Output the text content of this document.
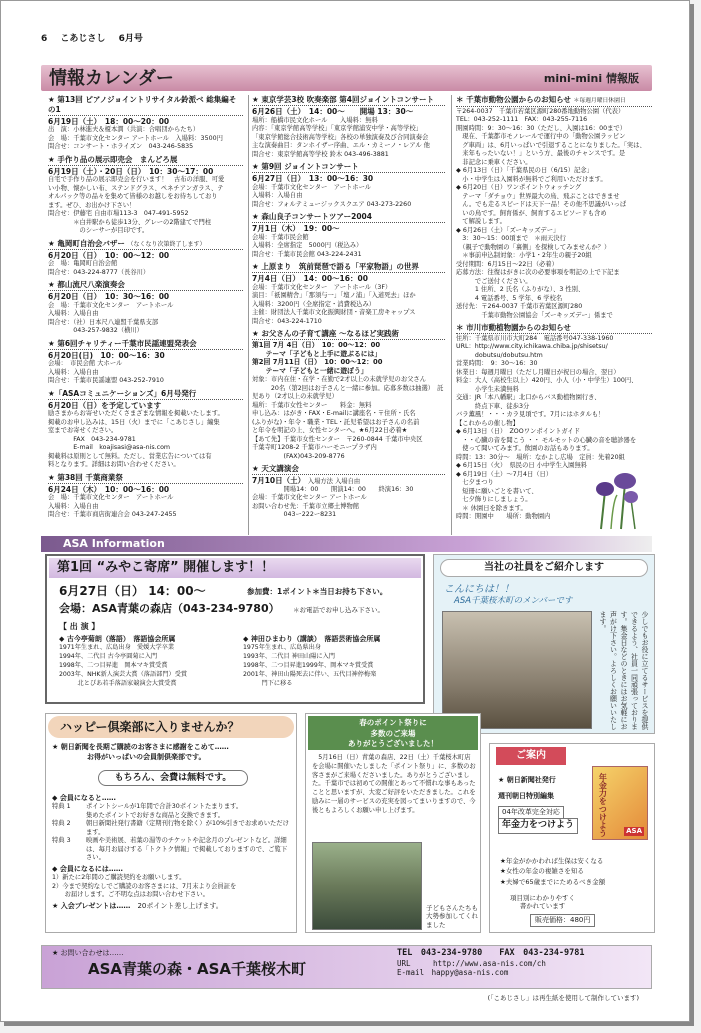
6 こあじさし 6月号
情報カレンダー	mini-mini 情報版
★ 第13回 ピアノジョイントリサイタル鈴派ベ 総集編その1
6月19日（土）　18：00〜20：00
出　演：小林進夫＆榎本潤（共演：合唱団からたち）
会　場：千葉市文化センター アートホール　入場料：3500円
問合せ：コンサート・ホライズン　043-246-5835
★ 手作り品の展示即売会　まんどろ展
6月19日（土）・20日（日）　10：30〜17：00
自宅で手作り品の展示即売会を行います！　古布の洋服、可愛
い小物、懐かしい布、ステンドグラス、ペネチアンガラス、テ
オルパック等の品々を集めて皆様のお越しをお待ちしており
ます。ぜひ、お出かけ下さい！
問合せ：伊藤宅 自由市場113-3　047-491-5952
　　　　＊白井駅から徒歩13分、グレーの2階建てで門柱
　　　　　のシーサーが目印です。
★ 亀岡町自治会バザー （なくなり次第終了します）
6月20日（日）　10：00〜12：00
会　場：亀岡町自治会館
問合せ：043-224-8777（長谷川）
★ 都山流尺八楽演奏会
6月20日（日）　10：30〜16：00
会　場：千葉市文化センター　アートホール
入場料：入場自由
問合せ：（社）日本尺八連盟千葉県支部
　　　　043-257-9832（横川）
★ 第6回チャリティー千葉市民謡連盟発表会
6月20日(日)　10：00〜16：30
会場：　市民会館 大ホール
入場料：入場自由
問合せ：千葉市民謡連盟 043-252-7910
★「ASAコミュニケーションズ」6月号発行
6月20日（日）を予定しています
励さまからお寄せいただくさまざまな情報を掲載いたします。
掲載のお申し込みは、15日（火）までに「こあじさし」編集
室までお寄せください。
　　　　FAX　043-234-9781
　　　　E-mail　koajisasi@asa-nis.com
掲載料は原則として無料。ただし、営業広告については有
料となります。詳細はお問い合わせください。
★ 第38回 千葉商業祭
6月24日（木）　10：00〜16：00
会　場：千葉市文化センター　アートホール
入場料：入場自由
問合せ：千葉市商店街連合会 043-247-2455
★ 東京学芸3校 吹奏楽部 第4回ジョイントコンサート
6月26日（土）　14：00〜　　開場 13：30〜
場所：船橋市民文化ホール　　入場料：無料
内容：「東京学館高等学校」「東京学館浦安中学・高等学校」
「東京学館総合技術高等学校」各校の単独演奏及び合同演奏会
主な演奏曲目：タンホイザー序曲、エル・カミーノ・レアル 他
問合せ：東京学館高等学校 鈴木 043-496-3881
★ 第9回 ジョイントコンサート
6月27日（日）　13：00〜16：30
会場：千葉市文化センター　アートホール
入場料：入場自由
問合せ：フォルテミュージックスクエア 043-273-2260
★ 森山良子コンサートツアー2004
7月1日（木）　19：00〜
会場：千葉市民会館
入場料：全席指定　5000円（税込み）
問合せ：千葉市民会館 043-224-2431
★ 上原まり　筑前琵琶で語る「平家物語」の世界
7月4日（日）　14：00〜16：00
会場：千葉市文化センター　アートホール（3F）
演目：「祇園精舎」「那須与一」「壇ノ浦」「入道死去」ほか
入場料：3200円（全席指定・消費税込み）
主催：財団法人千葉市文化振興財団・音楽工房キャップス
問合せ：043-224-1710
★ お父さんの子育て講座 〜なるほど実践術
第1回 7月 4日（日）　10：00〜12：00
　　テーマ「子どもと上手に遊ぶるには」
第2回 7月11日（日）　10：00〜12：00
　　テーマ「子どもと一緒に遊ぼう」
対象：市内在住・在学・在勤で2才以上の未就学児のお父さん
　　　20名（第2回はお子さんと一緒に参加。応募多数は抽選）　託児あり（2才以上の未就学児）
場所：千葉市女性センター　　料金：無料
申し込み：はがき・FAX・E-mailに講座名・〒住所・氏名
(ふりがな)・年令・職業・TEL・託児希望はお子さんの名前
と年令を明記の上、女性センターへ。★6月22日必着★
【あて先】千葉市女性センター　〒260-0844 千葉市中央区
千葉寺町1208-2 千葉市ハーモニープラザ内
　　　　　(FAX)043-209-8776
★ 天文講演会
7月10日（土） 入場方法 入場自由
　　　　　開場14：00　　開演14：00　　終演16：30
会場：千葉市文化センター アートホール
お問い合わせ先：千葉市立郷土博物館
　　　　　043ー222ー8231
＊ 千葉市動物公園からのお知らせ ＊毎週月曜日休園日
〒264-0037　千葉市若葉区源町280番地動物公園（代表）
TEL：043-252-1111　FAX：043-255-7116
開園時間：9：30〜16：30（ただし、入園は16：00まで）
　現在、千葉都市モノレールで運行中の「動物公園ラッピン
　グ車両」は、6月いっぱいで引退することになりました。「実は、
　来年もったいない！」という方、最後のチャンスです。是
　非記念に乗車ください。
◆ 6月13日（日）「千葉県民の日（6/15）記念」
　小・中学生は入園料が無料でご利用いただけます。
◆ 6月20日（日）ワンポイントウォッチング
　テーマ「ダチョウ」世界最大の鳥、飛ぶことはできませ
　ん。でも走るスピードは天下一品！その他不思議がいっぱ
　いの鳥です。飼育係が、飼育するエピソードも含め
　て解説します。
◆ 6月26日（土）「ズーキッズデー」
　3：30〜15：00頃まで　＊雨天決行
　（親子で動物園の「裏側」を探検してみませんか？）
　＊事前申込制対象：小学1・2年生の親子20組
受付期間：6月15日〜22日（必着）
応募方法：往復はがきに次の必要事項を明記の上で下記ま
　　　でご送付ください。
　　　1 住所、2 氏名（ふりがな）、3 性別、
　　　4 電話番号、5 学年、6 学校名
送付先：〒264-0037 千葉市若葉区源町280
　　　　千葉市動物公園協会「ズーキッズデー」係まで
＊ 市川市動植物園からのお知らせ
住所：千葉県市川市大町284　電話番号047-338-1960
URL：http://www.city.ichikawa.chiba.jp/shisetsu/
　　　dobutsu/dobutsu.htm
営業時間：　9：30〜16：30
休業日：毎週月曜日（ただし月曜日が祝日の場合、翌日）
料金：大人（高校生以上）420円、小人（小・中学生）100円、
　　　小学生未満無料
交通：JR「本八幡駅」北口からバス動植物園行き、
　　　終点下車、徒歩3分
バラ薫風！・・・カラ見頃です。7月にはホタルも！
【これからの催し物】
◆ 6月13日（日）　ZOOワンポイントガイド
　・・心臓の音を聞こう ・・ モルモットの心臓の音を聴診器を
　使って聞いてみます。飲園のお話もあります。
時間：13：30分〜　場所：なかよし広場　定員：先着20組
◆ 6月15日（火）　県民の日 小中学生入園無料
◆ 6月19日（土）〜7月4日（日）
　七夕まつり
　短冊に願いごとを書いて、
　七夕飾りにしましょう。
　＊ 休園日を除きます。
時間：開園中　　場所：動物園内
ASA Information
第1回 “みやこ寄席” 開催します！！
6月27日（日） 14：00〜	参加費：1ポイント＊当日お持ち下さい。
会場：ASA青葉の森店（043-234-9780） ＊お電話でお申し込み下さい。
【 出 演 】
◆ 古今亭菊朗（落語）　落語協会所属
1971年生まれ、広島出身　愛媛大学卒業
1994年、二代目 古今亭圓菊に入門
1998年、二つ目昇進　岡本マキ賞受賞
2003年、NHK新人演芸大賞（落語部門）受賞
　　　北とぴあ若手落語家競演会大賞受賞
◆ 神田ひまわり（講談）　落語芸術協会所属
1975年生まれ、広島県出身
1993年、二代目 神田山陽に入門
1998年、二つ目昇進1999年、岡本マキ賞受賞
2001年、神田山陽死去に伴い、五代目神停梅楽
　　　門下に移る
当社の社員をご紹介します
こんにちは！！
ASA千葉桜木町のメンバーです
少しでもお役に立てるサービスを提供できるよう、社員一同頑張っております。集金日などのときにはお気軽にお声がけ下さい。よろしくお願いいたします。
ハッピー倶楽部に入りませんか？
★ 朝日新聞を長期ご購読のお客さまに感謝をこめて……
　　　　　お得がいっぱいの会員制倶楽部です。
もちろん、会費は無料です。
◆ 会員になると……
特典 1	ポイントシールが1年間で合計30ポイントたまります。
集めたポイントでお好きな商品と交換できます。
特典 2	朝日新聞社発行書籍（定期刊行物を除く）が10%引きでお求めいただけます。
特典 3	映画や美術展、若葉の湯等のチケットや記念月のプレゼントなど。詳細は、毎月お届けする「トクトク情報」で掲載しておりますので、ご覧下さい。
◆ 会員になるには……
1）新たに2年間のご購読契約をお願いします。
2）今まで契約なしでご購読のお客さまには、7月末より会員証を
　　お届けします。ご不明な点はお問い合わせ下さい。
★ 入会プレゼントは……　 20ポイント差し上げます。
春のポイント祭りに
多数のご来場
ありがとうございました！
　5月16日（日）青葉の森店、22日（土）千葉桜木町店を会場に開催いたしました「ポイント祭り」に、多数のお客さまがご来場くださいました。ありがとうございました。千葉市では初めての開催とあって不慣れな事もあったことと思いますが、大変ご好評をいただきました。これを励みに一層のサービスの充実を図ってまいりますので、今後ともよろしくお願い申し上げます。
子どもさんたちも大勢参加してくれました
ご案内
★ 朝日新聞社発行
週刊朝日特別編集
04年改革完全対応
年金力をつけよう	年金力をつけよう	ASA
★年金がかかわれば生保は安くなる
★女性の年金の複雑さを知る
★夫婦で65歳までにためるべき金額
項目別にわかりやすく
書かれています
販売価格：480円
★ お問い合わせは……
ASA青葉の森・ASA千葉桜木町
TEL　043-234-9780　　FAX　043-234-9781
URL　　　http://www.asa-nis.com/ch
E-mail　happy@asa-nis.com
(「こあじさし」は再生紙を使用して制作しています)
